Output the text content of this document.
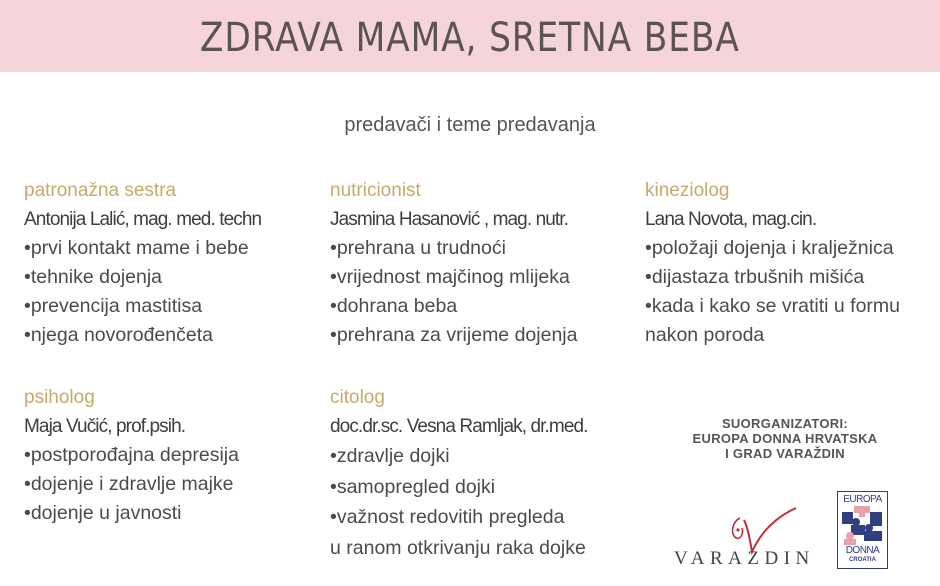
ZDRAVA MAMA, SRETNA BEBA
predavači i teme predavanja
patronažna sestra
Antonija Lalić, mag. med. techn
•prvi kontakt mame i bebe
•tehnike dojenja
•prevencija mastitisa
•njega novorođenčeta
nutricionist
Jasmina Hasanović , mag. nutr.
•prehrana u trudnoći
•vrijednost majčinog mlijeka
•dohrana beba
•prehrana za vrijeme dojenja
kineziolog
Lana Novota, mag.cin.
•položaji dojenja i kralježnica
•dijastaza trbušnih mišića
•kada i kako se vratiti u formu
nakon poroda
psiholog
Maja Vučić, prof.psih.
•postporođajna depresija
•dojenje i zdravlje majke
•dojenje u javnosti
citolog
doc.dr.sc. Vesna Ramljak, dr.med.
•zdravlje dojki
•samopregled dojki
•važnost redovitih pregleda
u ranom otkrivanju raka dojke
SUORGANIZATORI:
EUROPA DONNA HRVATSKA
I GRAD VARAŽDIN
VARAZDIN
EUROPA
DONNA
CROATIA
